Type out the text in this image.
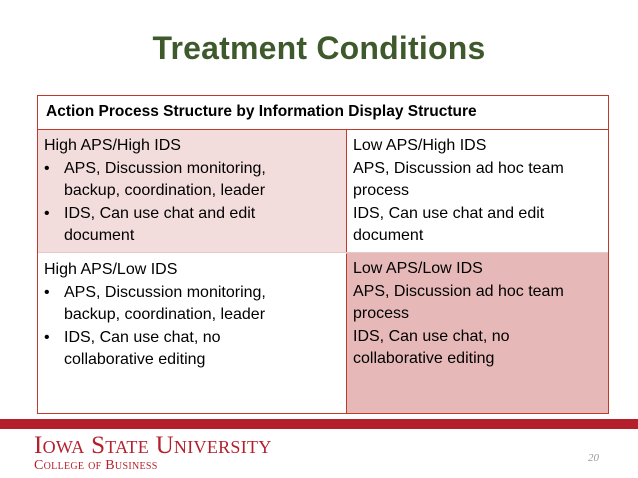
Treatment Conditions
Action Process Structure by Information Display Structure
High APS/High IDS
• APS, Discussion monitoring,
backup, coordination, leader
• IDS, Can use chat and edit
document
Low APS/High IDS
APS, Discussion ad hoc team
process
IDS, Can use chat and edit
document
High APS/Low IDS
• APS, Discussion monitoring,
backup, coordination, leader
• IDS, Can use chat, no
collaborative editing
Low APS/Low IDS
APS, Discussion ad hoc team
process
IDS, Can use chat, no
collaborative editing
Iowa State University
College of Business	20
